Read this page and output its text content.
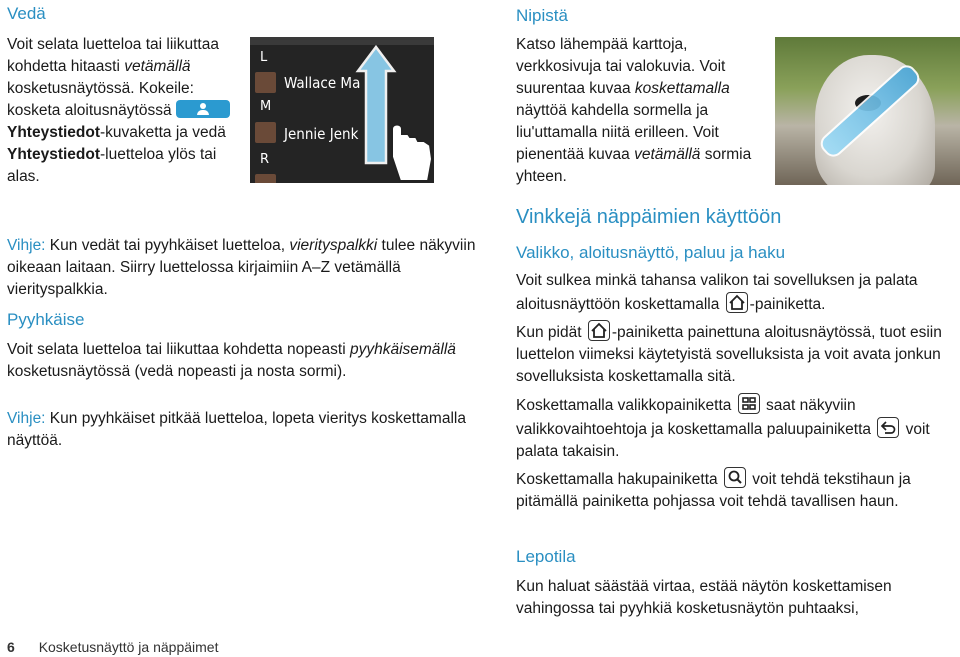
Vedä
Voit selata luetteloa tai liikuttaa kohdetta hitaasti vetämällä kosketusnäytössä. Kokeile: kosketa aloitusnäytössä  Yhteystiedot-kuvaketta ja vedä Yhteystiedot-luetteloa ylös tai alas.
L
Wallace Ma
M
Jennie Jenk
R
Vihje: Kun vedät tai pyyhkäiset luetteloa, vierityspalkki tulee näkyviin oikeaan laitaan. Siirry luettelossa kirjaimiin A–Z vetämällä vierityspalkkia.
Pyyhkäise
Voit selata luetteloa tai liikuttaa kohdetta nopeasti pyyhkäisemällä kosketusnäytössä (vedä nopeasti ja nosta sormi).
Vihje: Kun pyyhkäiset pitkää luetteloa, lopeta vieritys koskettamalla näyttöä.
6 Kosketusnäyttö ja näppäimet
Nipistä
Katso lähempää karttoja, verkkosivuja tai valokuvia. Voit suurentaa kuvaa koskettamalla näyttöä kahdella sormella ja liu'uttamalla niitä erilleen. Voit pienentää kuvaa vetämällä sormia yhteen.
Vinkkejä näppäimien käyttöön
Valikko, aloitusnäyttö, paluu ja haku
Voit sulkea minkä tahansa valikon tai sovelluksen ja palata aloitusnäyttöön koskettamalla
-painiketta.
Kun pidät
-painiketta painettuna aloitusnäytössä, tuot esiin luettelon viimeksi käytetyistä sovelluksista ja voit avata jonkun sovelluksista koskettamalla sitä.
Koskettamalla valikkopainiketta
saat näkyviin valikkovaihtoehtoja ja koskettamalla paluupainiketta
voit palata takaisin.
Koskettamalla hakupainiketta
voit tehdä tekstihaun ja pitämällä painiketta pohjassa voit tehdä tavallisen haun.
Lepotila
Kun haluat säästää virtaa, estää näytön koskettamisen vahingossa tai pyyhkiä kosketusnäytön puhtaaksi,
